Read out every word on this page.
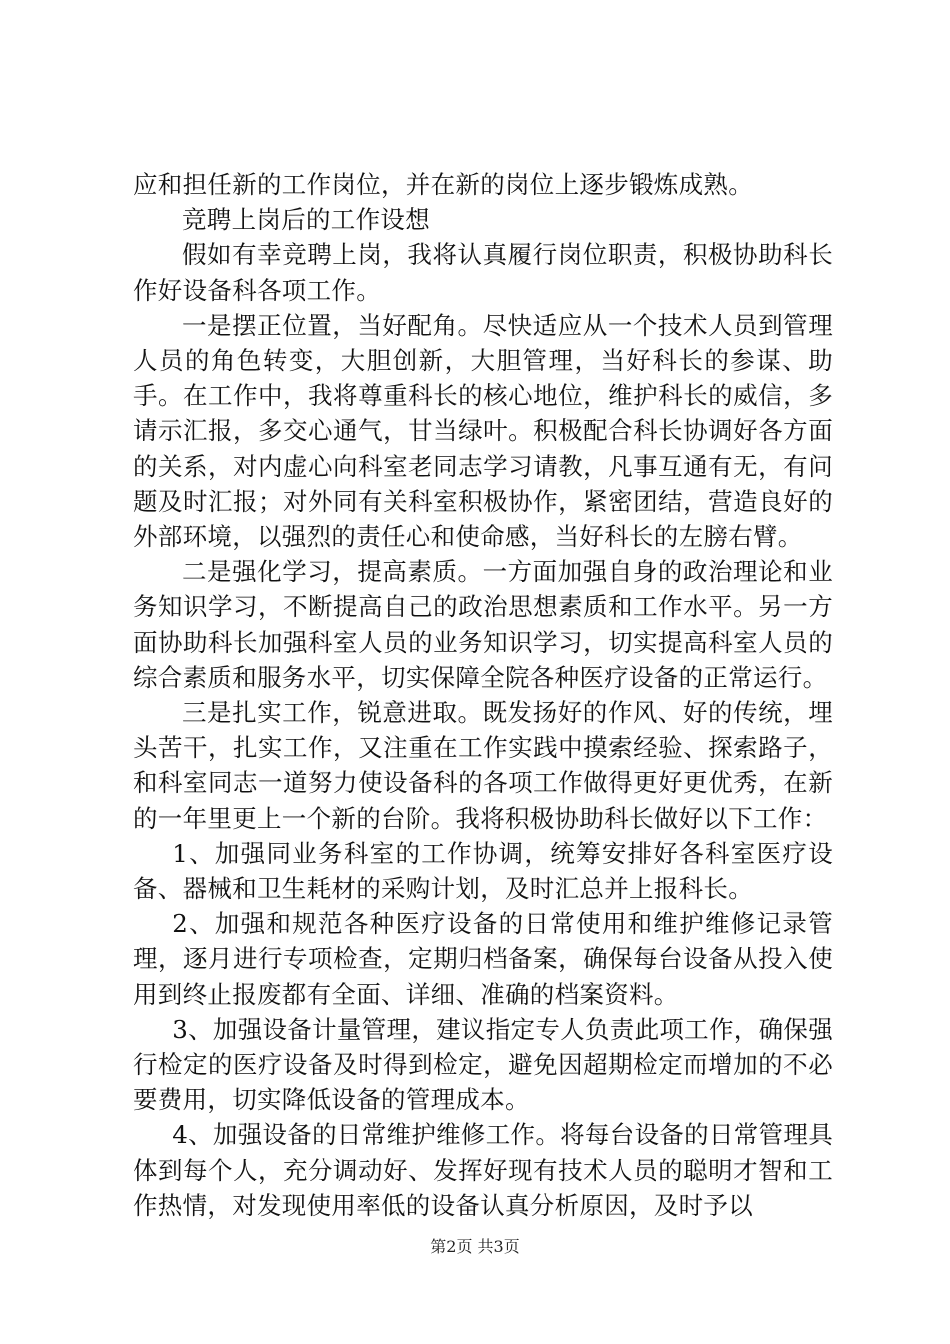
应和担任新的工作岗位，并在新的岗位上逐步锻炼成熟。

竞聘上岗后的工作设想

假如有幸竞聘上岗，我将认真履行岗位职责，积极协助科长作好设备科各项工作。

一是摆正位置，当好配角。尽快适应从一个技术人员到管理人员的角色转变，大胆创新，大胆管理，当好科长的参谋、助手。在工作中，我将尊重科长的核心地位，维护科长的威信，多请示汇报，多交心通气，甘当绿叶。积极配合科长协调好各方面的关系，对内虚心向科室老同志学习请教，凡事互通有无，有问题及时汇报；对外同有关科室积极协作，紧密团结，营造良好的外部环境，以强烈的责任心和使命感，当好科长的左膀右臂。

二是强化学习，提高素质。一方面加强自身的政治理论和业务知识学习，不断提高自己的政治思想素质和工作水平。另一方面协助科长加强科室人员的业务知识学习，切实提高科室人员的综合素质和服务水平，切实保障全院各种医疗设备的正常运行。

三是扎实工作，锐意进取。既发扬好的作风、好的传统，埋头苦干，扎实工作，又注重在工作实践中摸索经验、探索路子，和科室同志一道努力使设备科的各项工作做得更好更优秀，在新的一年里更上一个新的台阶。我将积极协助科长做好以下工作：

1、加强同业务科室的工作协调，统筹安排好各科室医疗设备、器械和卫生耗材的采购计划，及时汇总并上报科长。

2、加强和规范各种医疗设备的日常使用和维护维修记录管理，逐月进行专项检查，定期归档备案，确保每台设备从投入使用到终止报废都有全面、详细、准确的档案资料。

3、加强设备计量管理，建议指定专人负责此项工作，确保强行检定的医疗设备及时得到检定，避免因超期检定而增加的不必要费用，切实降低设备的管理成本。

4、加强设备的日常维护维修工作。将每台设备的日常管理具体到每个人，充分调动好、发挥好现有技术人员的聪明才智和工作热情，对发现使用率低的设备认真分析原因，及时予以

第2页 共3页
